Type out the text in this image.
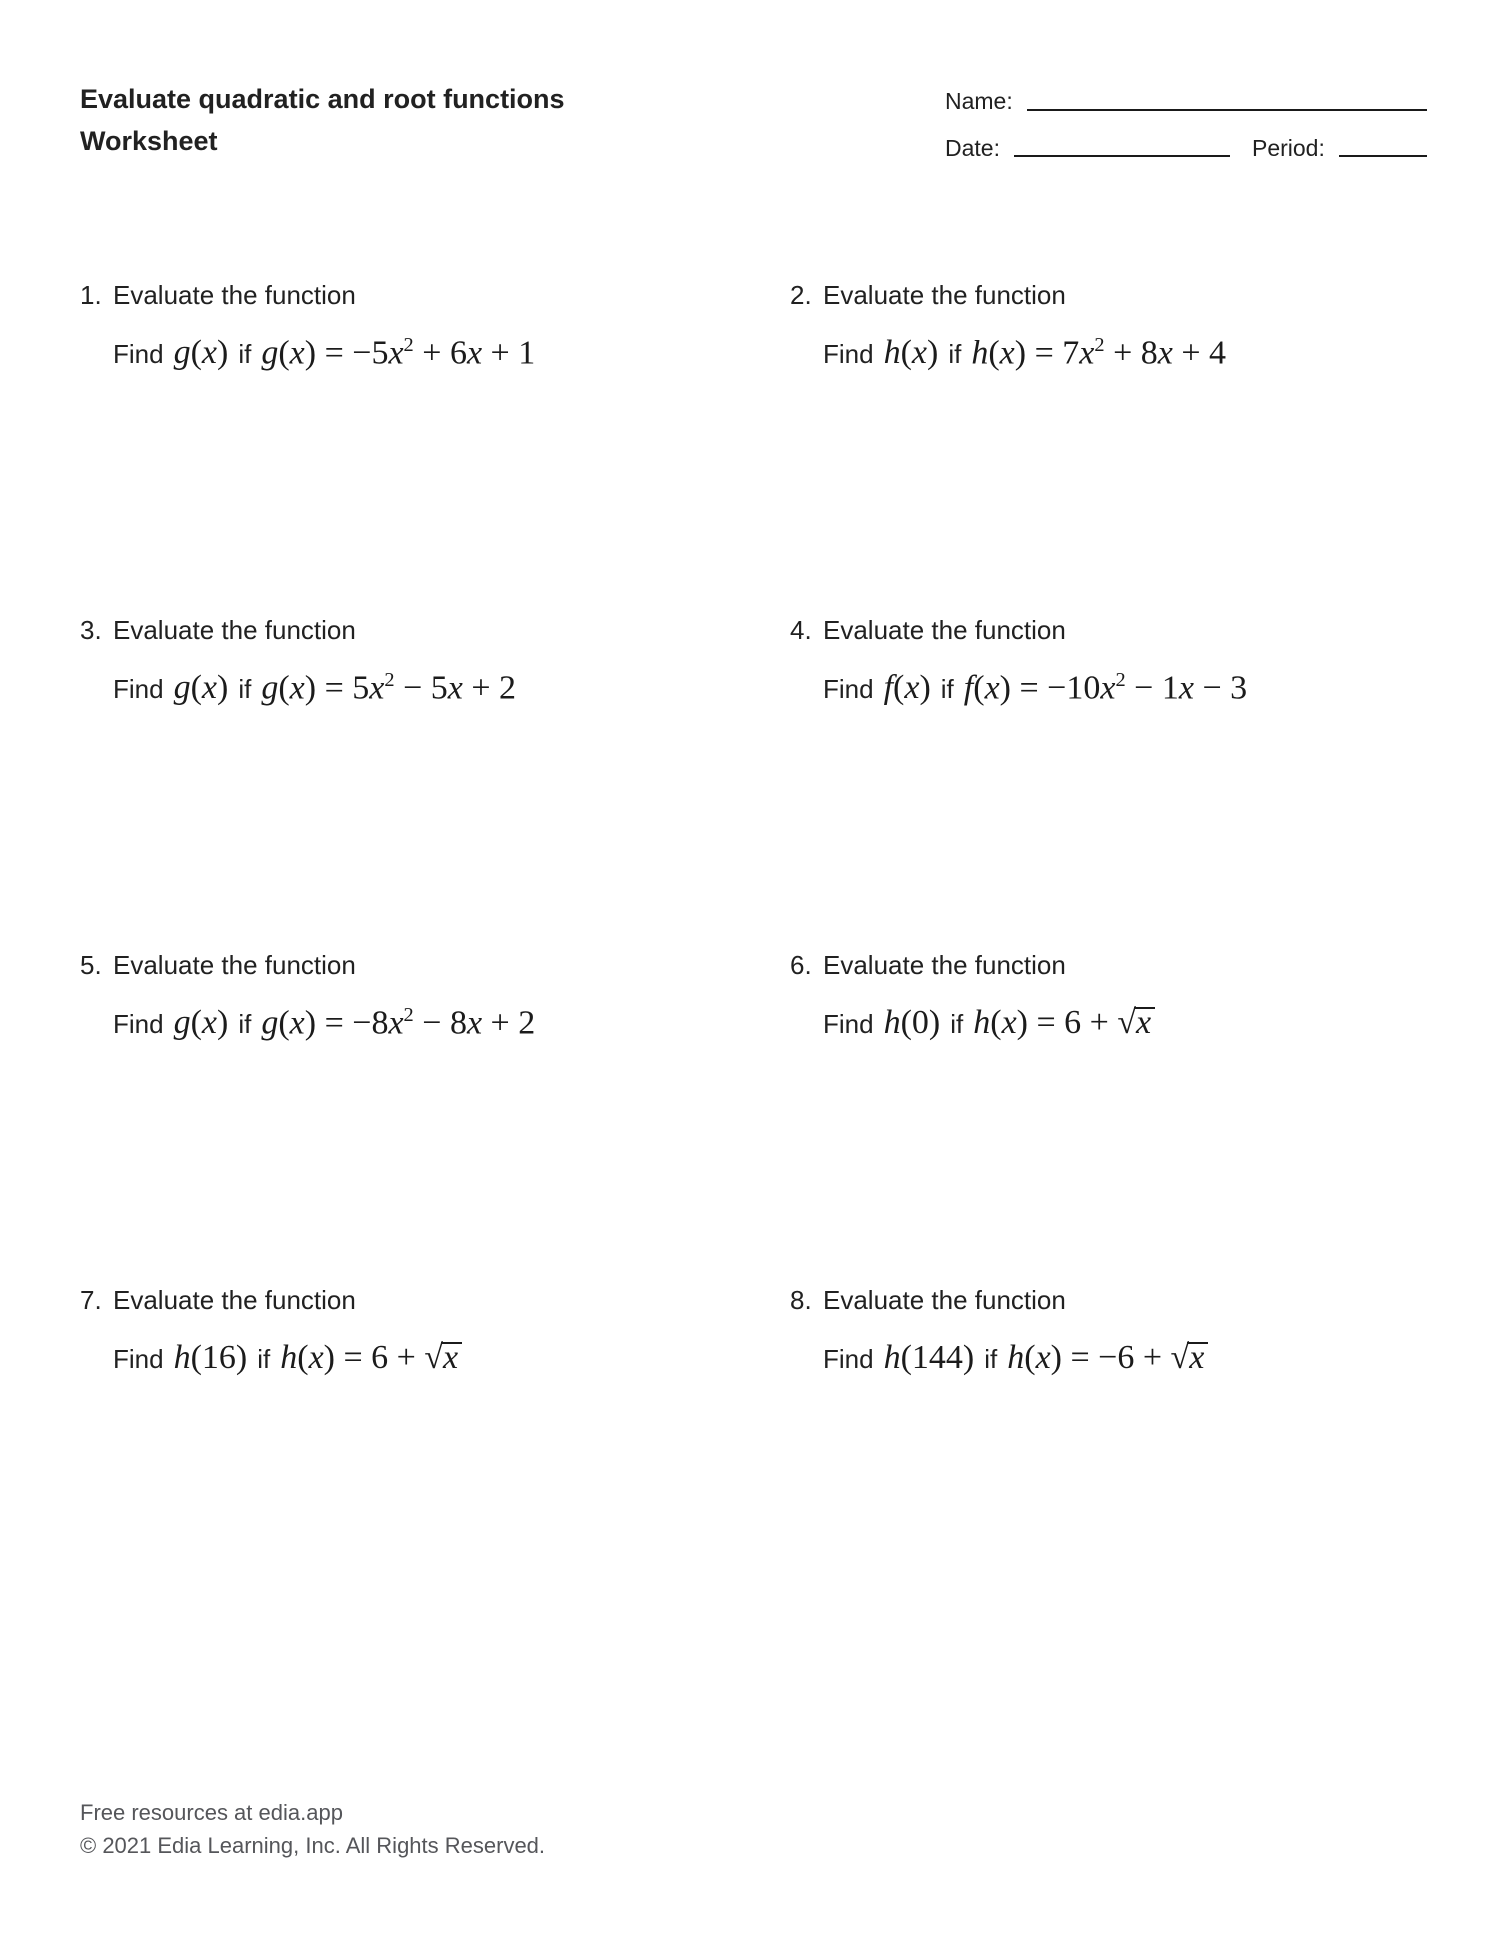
Evaluate quadratic and root functions
Worksheet
Name:
Date:	Period:
1. Evaluate the function
Find g(x) if $g(x) = -5x^2 + 6x + 1$
2. Evaluate the function
Find h(x) if $h(x) = 7x^2 + 8x + 4$
3. Evaluate the function
Find g(x) if $g(x) = 5x^2 - 5x + 2$
4. Evaluate the function
Find f(x) if $f(x) = -10x^2 - 1x - 3$
5. Evaluate the function
Find g(x) if $g(x) = -8x^2 - 8x + 2$
6. Evaluate the function
Find h(0) if h(x) = 6 + √x
7. Evaluate the function
Find h(16) if h(x) = 6 + √x
8. Evaluate the function
Find h(144) if h(x) = −6 + √x
Free resources at edia.app
© 2021 Edia Learning, Inc. All Rights Reserved.
